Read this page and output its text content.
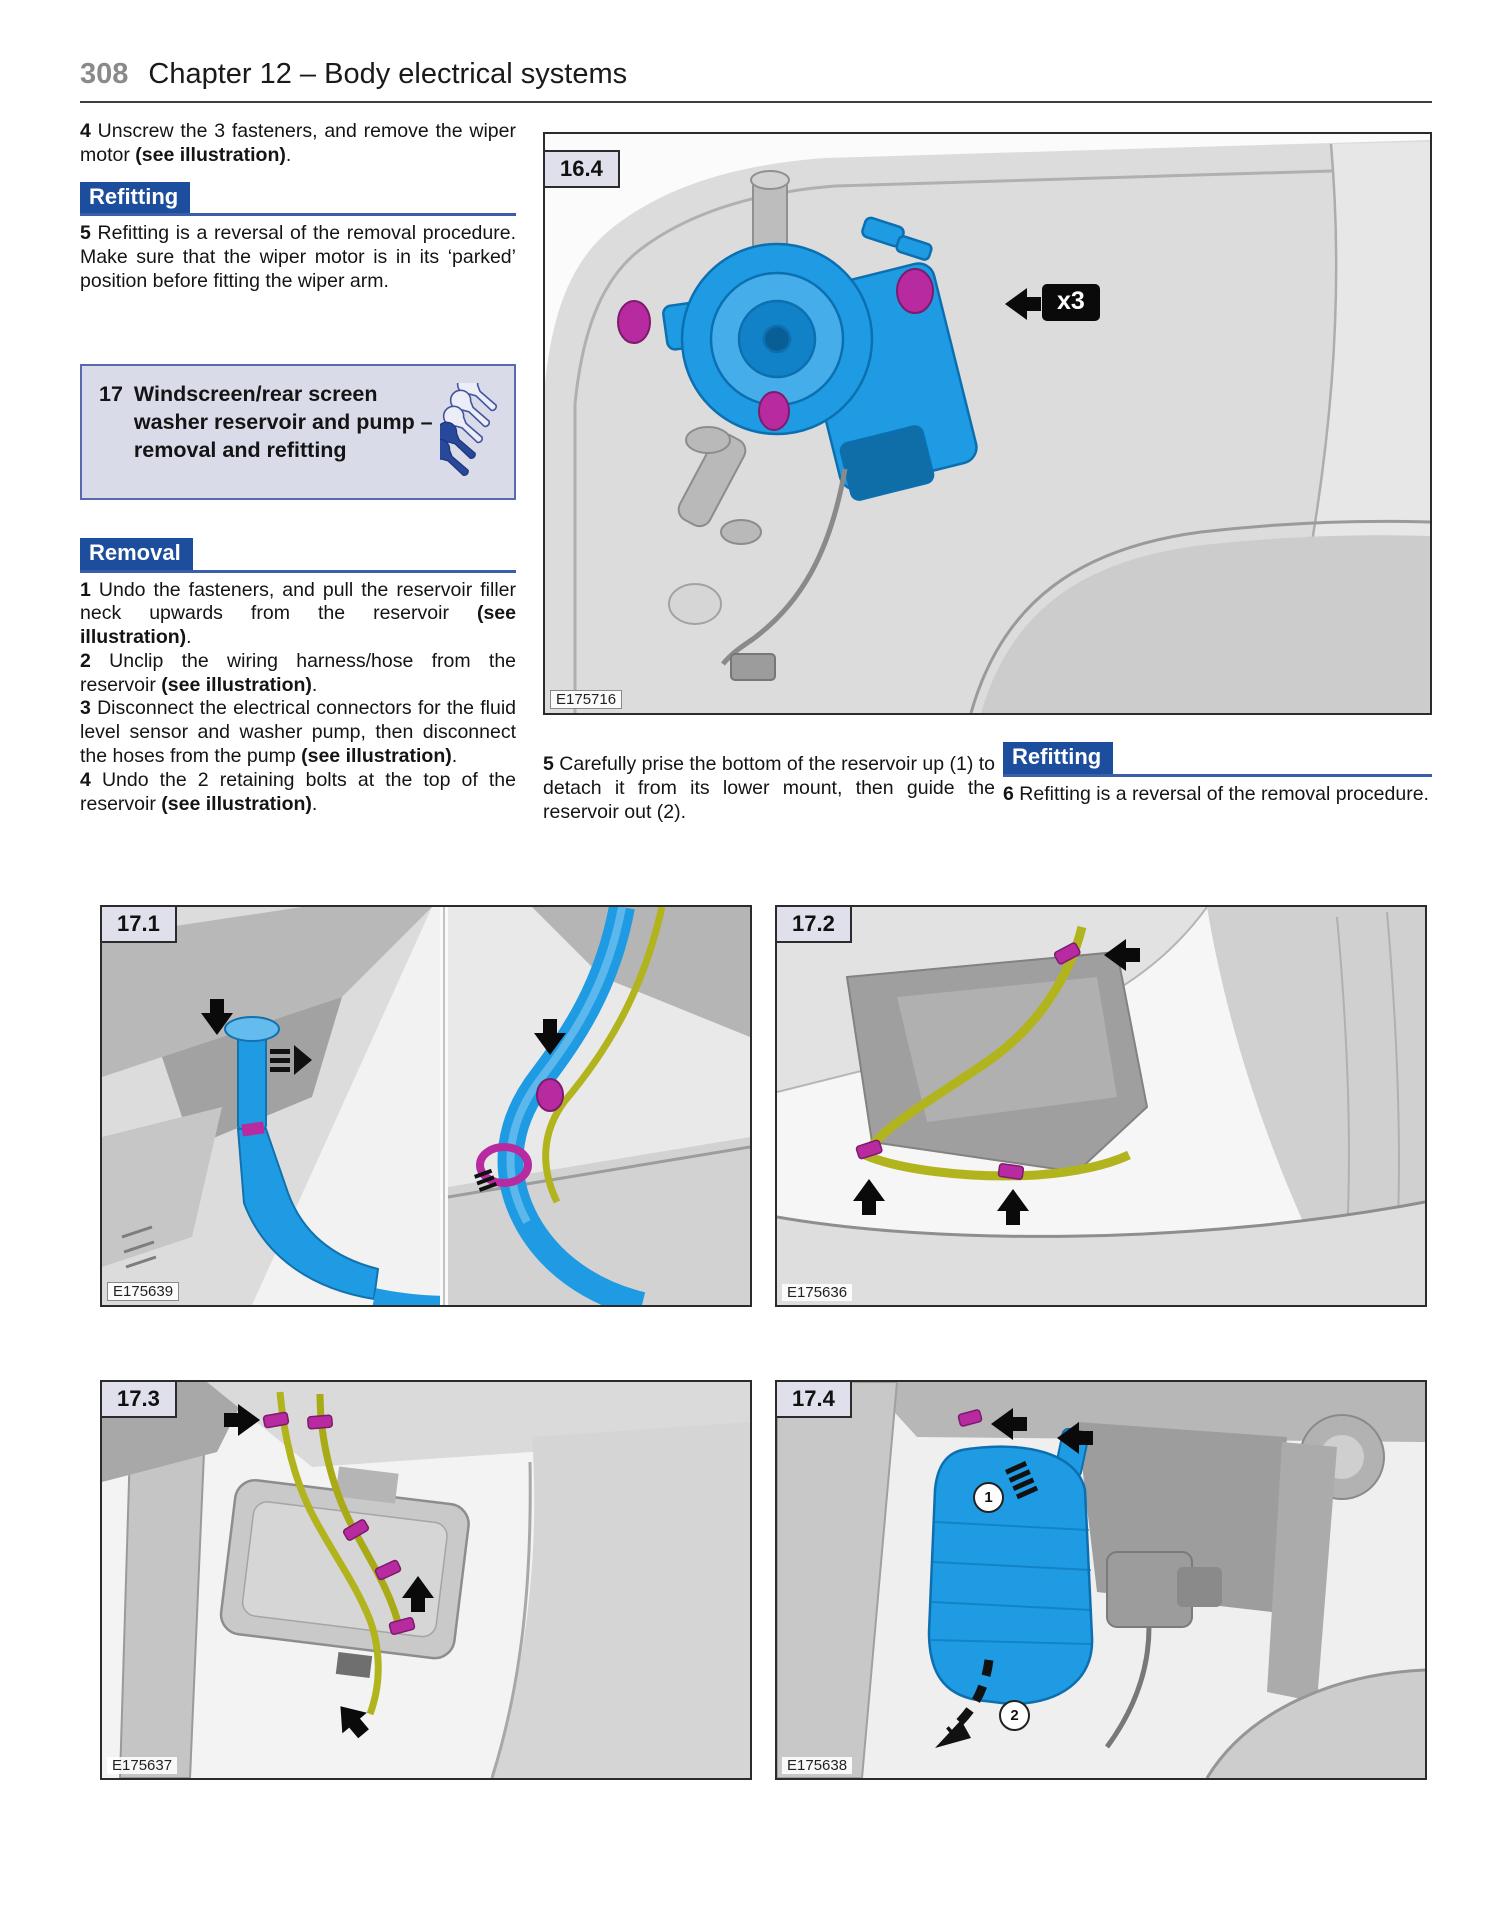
308 Chapter 12 – Body electrical systems

4 Unscrew the 3 fasteners, and remove the wiper motor (see illustration).

Refitting

5 Refitting is a reversal of the removal procedure. Make sure that the wiper motor is in its ‘parked’ position before fitting the wiper arm.

17 Windscreen/rear screen washer reservoir and pump – removal and refitting
Removal

1 Undo the fasteners, and pull the reservoir filler neck upwards from the reservoir (see illustration).

2 Unclip the wiring harness/hose from the reservoir (see illustration).

3 Disconnect the electrical connectors for the fluid level sensor and washer pump, then disconnect the hoses from the pump (see illustration).

4 Undo the 2 retaining bolts at the top of the reservoir (see illustration).

16.4
x3
E175716

5 Carefully prise the bottom of the reservoir up (1) to detach it from its lower mount, then guide the reservoir out (2).

Refitting

6 Refitting is a reversal of the removal procedure.

17.1
E175639
17.2
E175636
17.3
E175637
17.4
1
2
E175638
